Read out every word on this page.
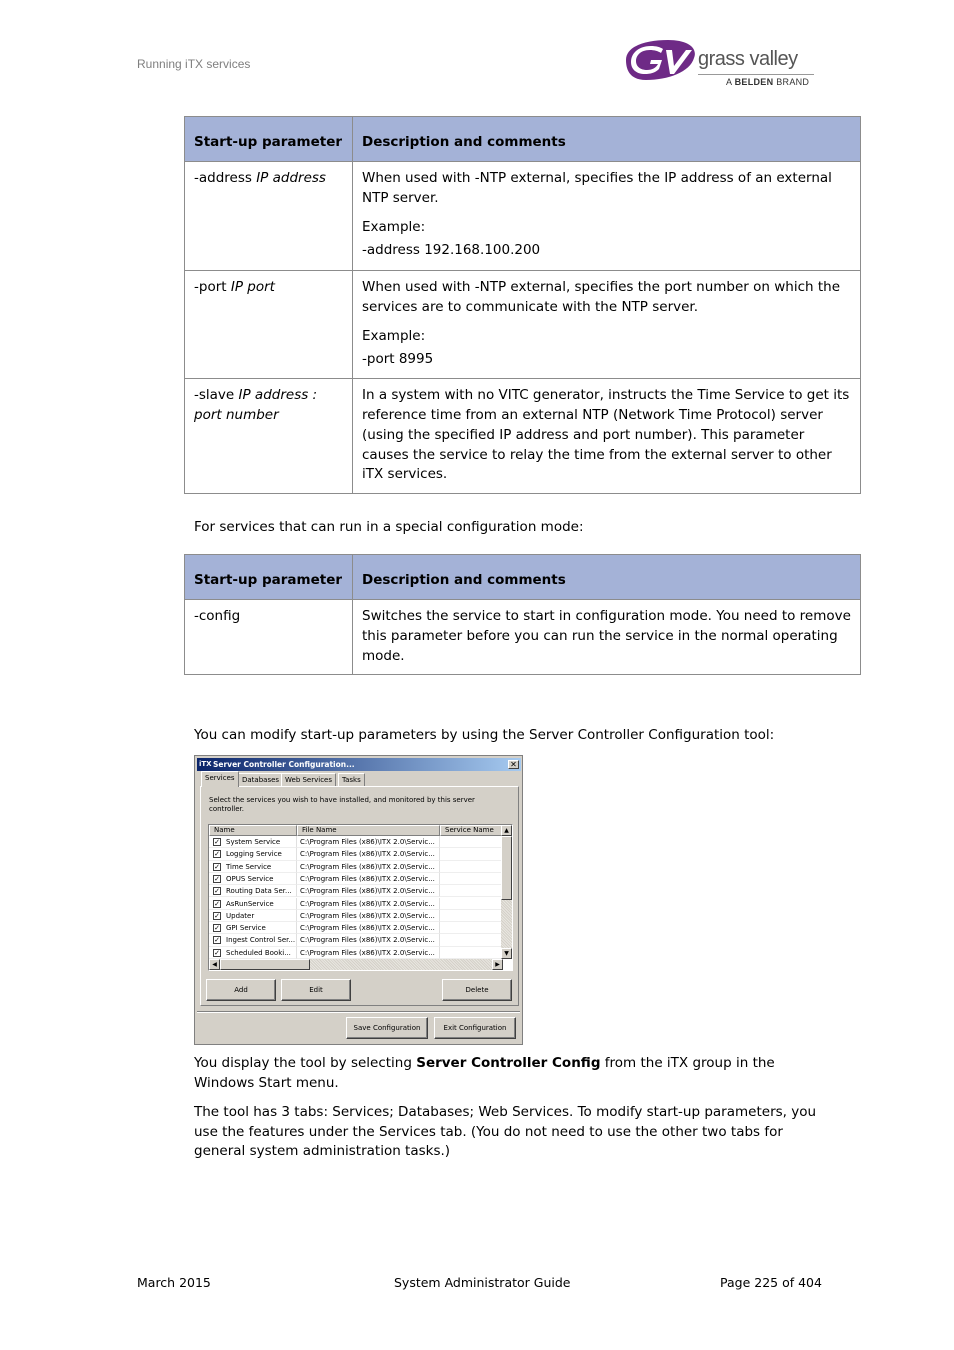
Running iTX services	grass valley
A BELDEN BRAND
Start-up parameter	Description and comments
-address IP address	When used with -NTP external, specifies the IP address of an external NTP server.

Example:

-address 192.168.100.200

-port IP port	When used with -NTP external, specifies the port number on which the services are to communicate with the NTP server.

Example:

-port 8995

-slave IP address : port number	In a system with no VITC generator, instructs the Time Service to get its reference time from an external NTP (Network Time Protocol) server (using the specified IP address and port number). This parameter causes the service to relay the time from the external server to other iTX services.

For services that can run in a special configuration mode:
Start-up parameter	Description and comments
-config	Switches the service to start in configuration mode. You need to remove this parameter before you can run the service in the normal operating mode.
You can modify start-up parameters by using the Server Controller Configuration tool:
iTX Server Controller Configuration...	✕
Services	Databases Web Services	Tasks
Select the services you wish to have installed, and monitored by this server controller.
Name	File Name	Service Name
✓ System Service	C:\Program Files (x86)\ITX 2.0\Servic...
✓ Logging Service	C:\Program Files (x86)\ITX 2.0\Servic...
✓ Time Service	C:\Program Files (x86)\ITX 2.0\Servic...
✓ OPUS Service	C:\Program Files (x86)\ITX 2.0\Servic...
✓ Routing Data Ser...	C:\Program Files (x86)\ITX 2.0\Servic...
✓ AsRunService	C:\Program Files (x86)\ITX 2.0\Servic...
✓ Updater	C:\Program Files (x86)\ITX 2.0\Servic...
✓ GPI Service	C:\Program Files (x86)\ITX 2.0\Servic...
✓ Ingest Control Ser... C:\Program Files (x86)\ITX 2.0\Servic...
✓ Scheduled Booki...	C:\Program Files (x86)\ITX 2.0\Servic...
▲
▼
◀	▶
Add	Edit	Delete
Save Configuration	Exit Configuration
You display the tool by selecting Server Controller Config from the iTX group in the Windows Start menu.
The tool has 3 tabs: Services; Databases; Web Services. To modify start-up parameters, you use the features under the Services tab. (You do not need to use the other two tabs for general system administration tasks.)
March 2015	System Administrator Guide	Page 225 of 404
